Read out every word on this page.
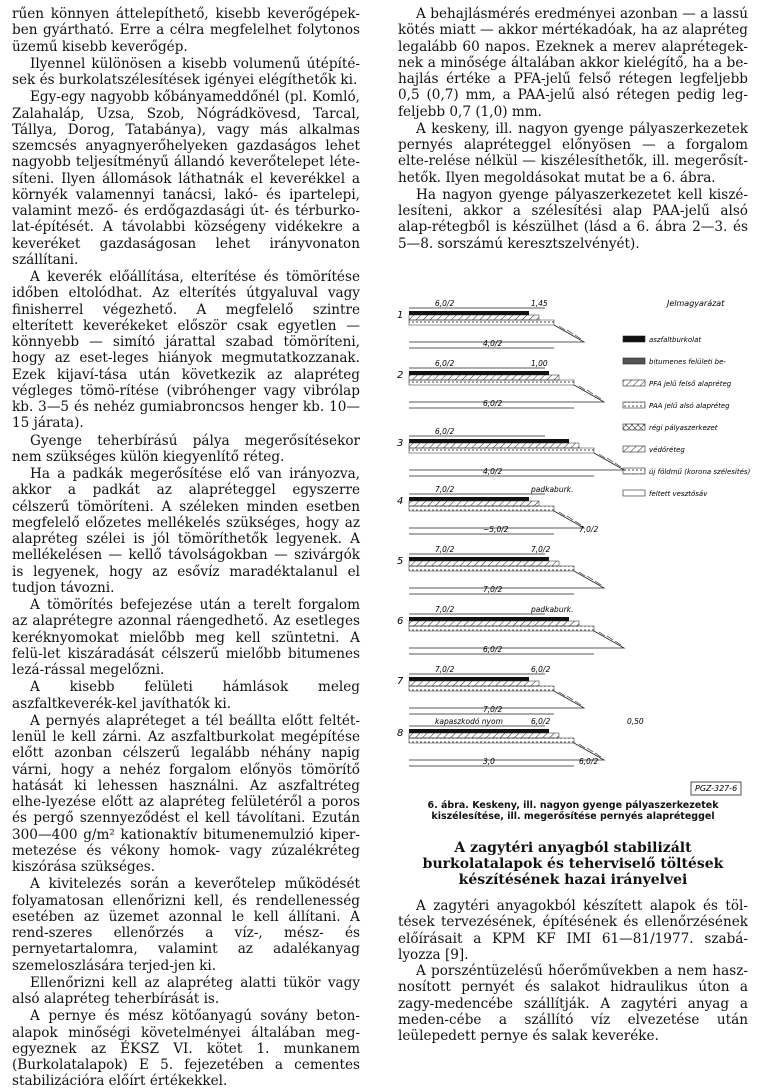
rűen könnyen áttelepíthető, kisebb keverőgépek-ben gyártható. Erre a célra megfelelhet folytonos üzemű kisebb keverőgép.

Ilyennel különösen a kisebb volumenű útépíté-sek és burkolatszélesítések igényei elégíthetők ki.

Egy-egy nagyobb kőbányameddőnél (pl. Komló, Zalahaláp, Uzsa, Szob, Nógrádkövesd, Tarcal, Tállya, Dorog, Tatabánya), vagy más alkalmas szemcsés anyagnyerőhelyeken gazdaságos lehet nagyobb teljesítményű állandó keverőtelepet léte-síteni. Ilyen állomások láthatnák el keverékkel a környék valamennyi tanácsi, lakó- és ipartelepi, valamint mező- és erdőgazdasági út- és térburko-lat-építését. A távolabbi községeny vidékekre a keveréket gazdaságosan lehet irányvonaton szállítani.

A keverék előállítása, elterítése és tömörítése időben eltolódhat. Az elterítés útgyaluval vagy finisherrel végezhető. A megfelelő szintre elterített keverékeket először csak egyetlen — könnyebb — simító járattal szabad tömöríteni, hogy az eset-leges hiányok megmutatkozzanak. Ezek kijaví-tása után következik az alapréteg végleges tömö-rítése (vibróhenger vagy vibrólap kb. 3—5 és nehéz gumiabroncsos henger kb. 10—15 járata).

Gyenge teherbírású pálya megerősítésekor nem szükséges külön kiegyenlítő réteg.

Ha a padkák megerősítése elő van irányozva, akkor a padkát az alapréteggel egyszerre célszerű tömöríteni. A széleken minden esetben megfelelő előzetes mellékelés szükséges, hogy az alapréteg szélei is jól tömöríthetők legyenek. A mellékelésen — kellő távolságokban — szivárgók is legyenek, hogy az esővíz maradéktalanul el tudjon távozni.

A tömörítés befejezése után a terelt forgalom az alaprétegre azonnal ráengedhető. Az esetleges keréknyomokat mielőbb meg kell szüntetni. A felü-let kiszáradását célszerű mielőbb bitumenes lezá-rással megelőzni.

A kisebb felületi hámlások meleg aszfaltkeverék-kel javíthatók ki.

A pernyés alapréteget a tél beállta előtt feltét-lenül le kell zárni. Az aszfaltburkolat megépítése előtt azonban célszerű legalább néhány napig várni, hogy a nehéz forgalom előnyös tömörítő hatását ki lehessen használni. Az aszfaltréteg elhe-lyezése előtt az alapréteg felületéről a poros és pergő szennyeződést el kell távolítani. Ezután 300—400 g/m² kationaktív bitumenemulzió kiper-metezése és vékony homok- vagy zúzalékréteg kiszórása szükséges.

A kivitelezés során a keverőtelep működését folyamatosan ellenőrizni kell, és rendellenesség esetében az üzemet azonnal le kell állítani. A rend-szeres ellenőrzés a víz-, mész- és pernyetartalomra, valamint az adalékanyag szemeloszlására terjed-jen ki.

Ellenőrizni kell az alapréteg alatti tükör vagy alsó alapréteg teherbírását is.

A pernye és mész kötőanyagú sovány beton-alapok minőségi követelményei általában meg-egyeznek az ÉKSZ VI. kötet 1. munkanem (Burkolatalapok) E 5. fejezetében a cementes stabilizációra előírt értékekkel.

A behajlásmérés eredményei azonban — a lassú kötés miatt — akkor mértékadóak, ha az alapréteg legalább 60 napos. Ezeknek a merev alaprétegek-nek a minősége általában akkor kielégítő, ha a be-hajlás értéke a PFA-jelű felső rétegen legfeljebb 0,5 (0,7) mm, a PAA-jelű alsó rétegen pedig leg-feljebb 0,7 (1,0) mm.

A keskeny, ill. nagyon gyenge pályaszerkezetek pernyés alapréteggel előnyösen — a forgalom elte-relése nélkül — kiszélesíthetők, ill. megerősít-hetők. Ilyen megoldásokat mutat be a 6. ábra.

Ha nagyon gyenge pályaszerkezetet kell kiszé-lesíteni, akkor a szélesítési alap PAA-jelű alsó alap-rétegből is készülhet (lásd a 6. ábra 2—3. és 5—8. sorszámú keresztszelvényét).

1
6,0/2
4,0/2
1,45
2
6,0/2
6,0/2
1,00
3
6,0/2
4,0/2
4
7,0/2
~5,0/2
padkaburk.
7,0/2
5
7,0/2
7,0/2
7,0/2
6
7,0/2
6,0/2
padkaburk.
7
7,0/2
7,0/2
6,0/2
8
kapaszkodó nyom
3,0
6,0/2
6,0/2
0,50
Jelmagyarázat
aszfaltburkolat
bitumenes felületi be-
PFA jelű felső alapréteg
PAA jelű alsó alapréteg
régi pályaszerkezet
védőréteg
új földmű (korona szélesítés)
feltett vesztősáv
PGZ-327-6
6. ábra. Keskeny, ill. nagyon gyenge pályaszerkezetek kiszélesítése, ill. megerősítése pernyés alapréteggel
A zagytéri anyagból stabilizált burkolatalapok és teherviselő töltések készítésének hazai irányelvei

A zagytéri anyagokból készített alapok és töl-tések tervezésének, építésének és ellenőrzésének előírásait a KPM KF IMI 61—81/1977. szabá-lyozza [9].

A porszéntüzelésű hőerőművekben a nem hasz-nosított pernyét és salakot hidraulikus úton a zagy-medencébe szállítják. A zagytéri anyag a meden-cébe a szállító víz elvezetése után leülepedett pernye és salak keveréke.
